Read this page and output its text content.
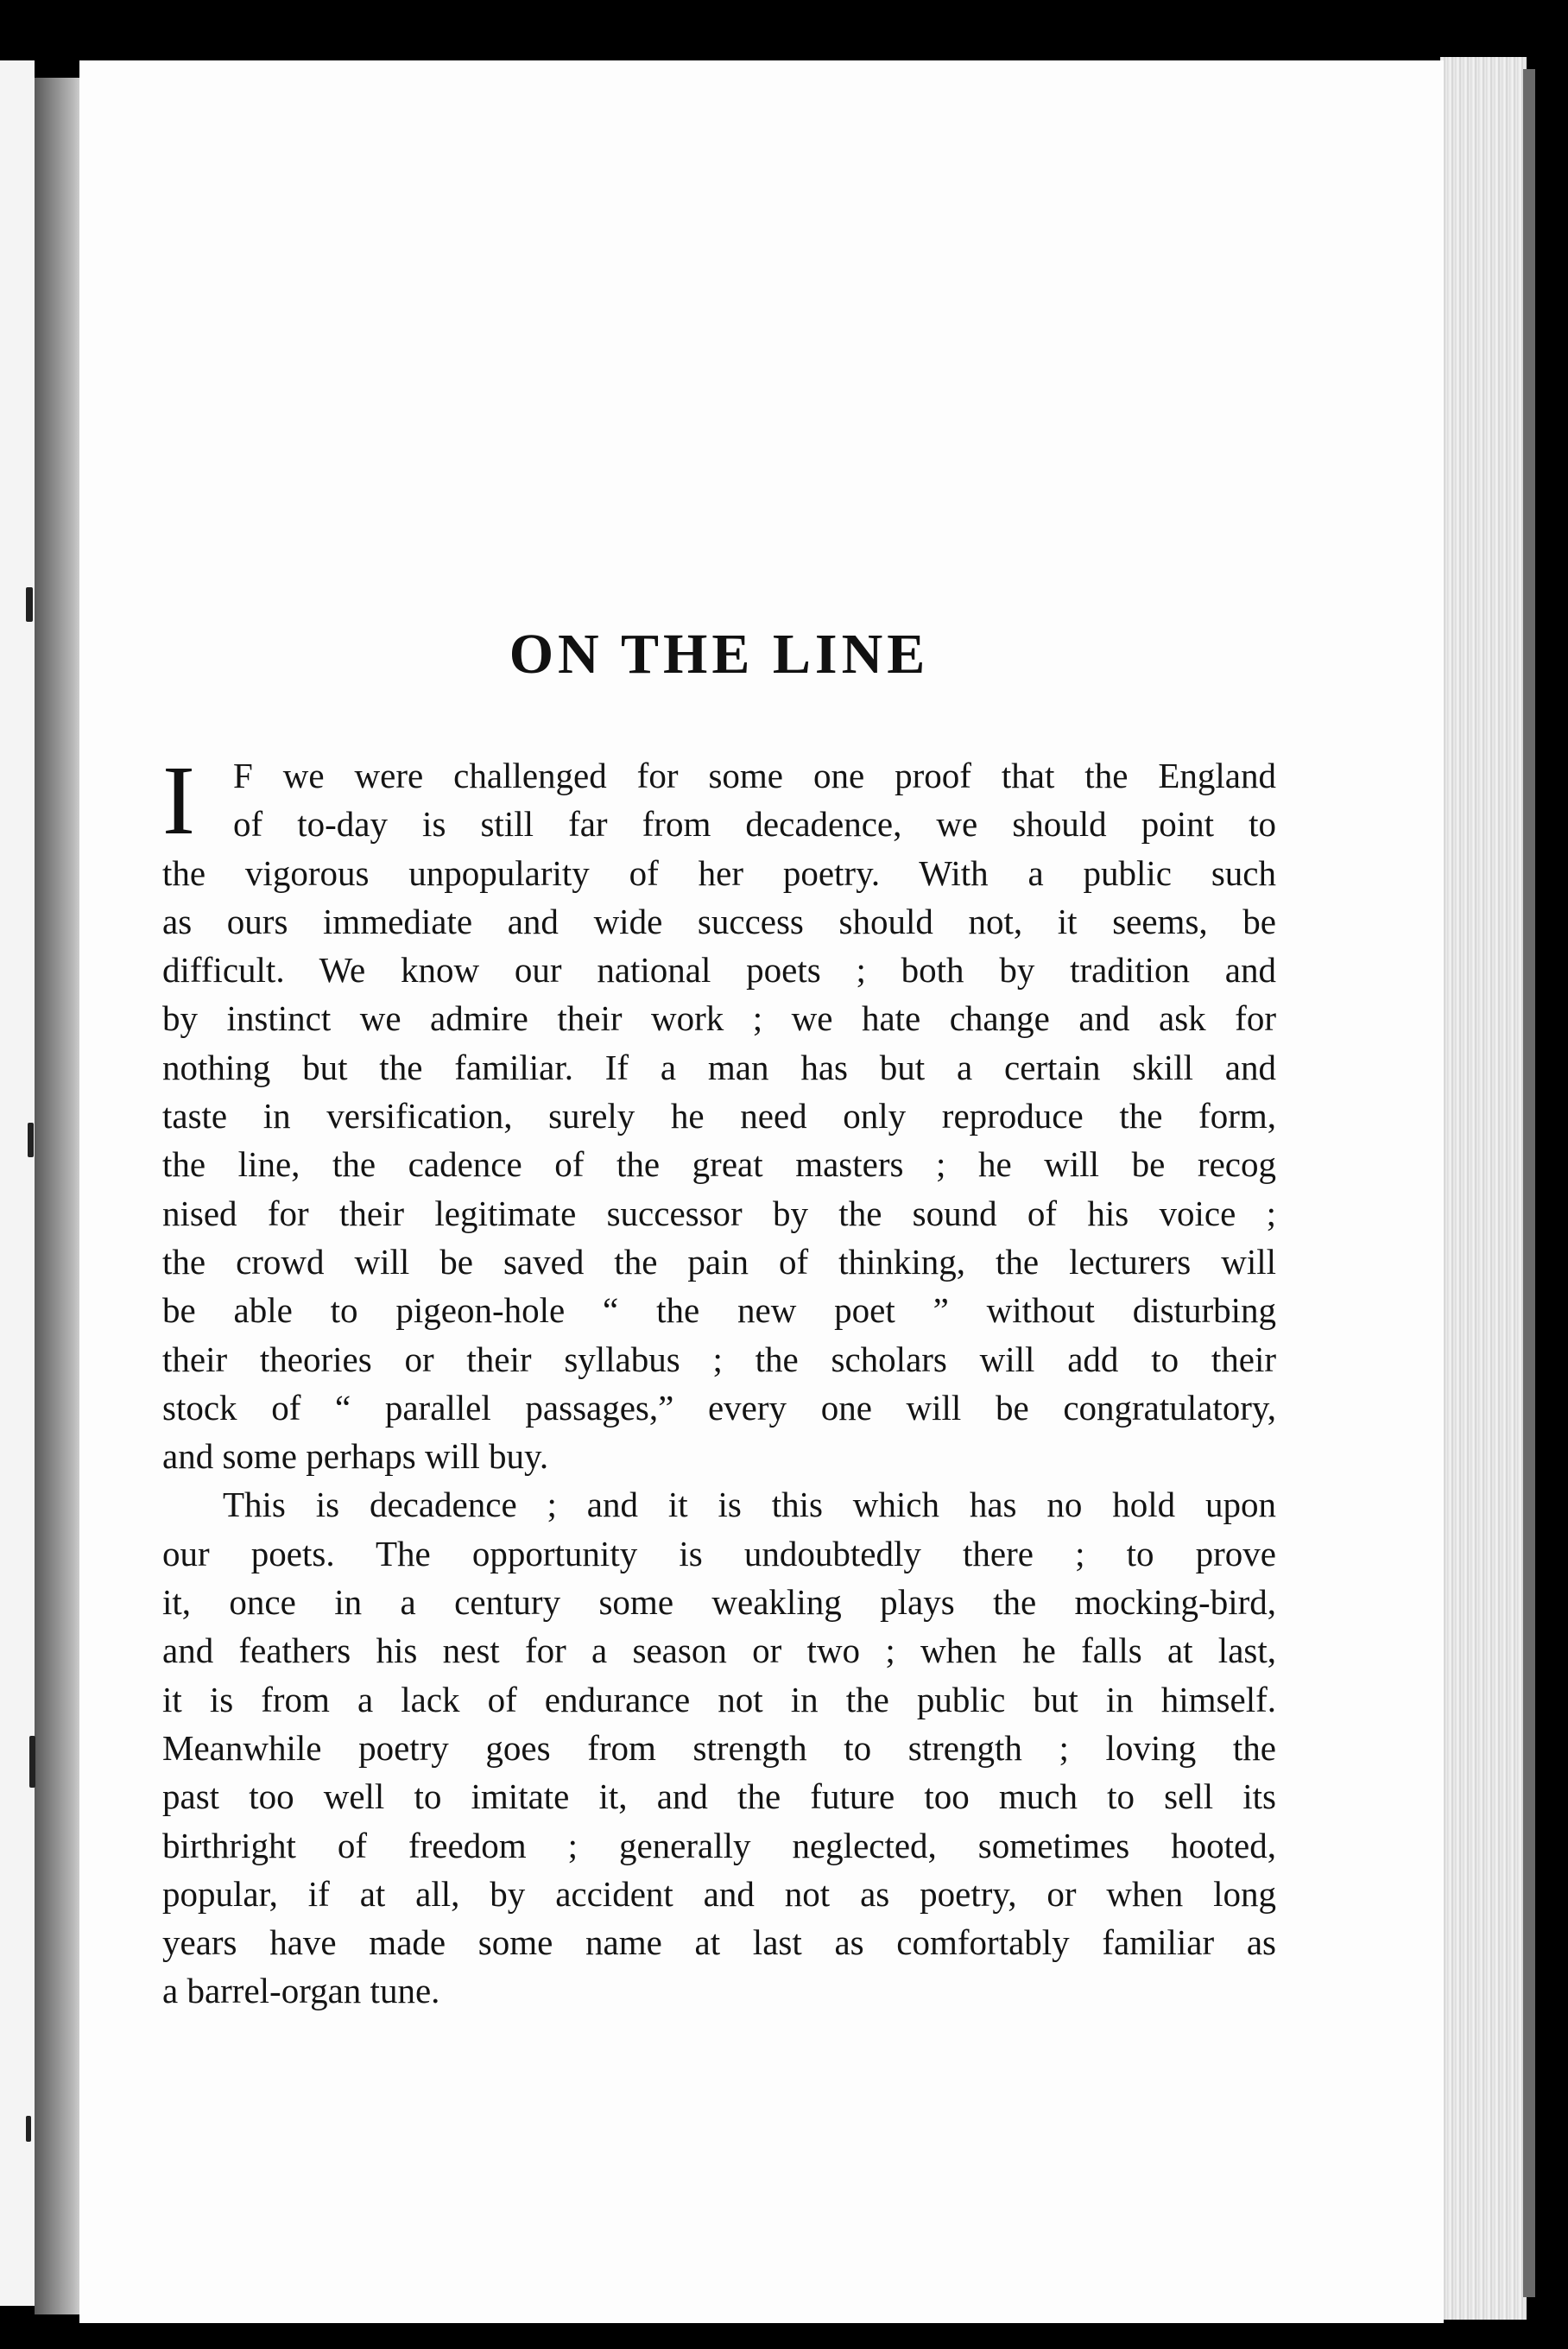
ON THE LINE
I	F we were challenged for some one proof that the England
of to-day is still far from decadence, we should point to
the vigorous unpopularity of her poetry. With a public such
as ours immediate and wide success should not, it seems, be
difficult. We know our national poets ; both by tradition and
by instinct we admire their work ; we hate change and ask for
nothing but the familiar. If a man has but a certain skill and
taste in versification, surely he need only reproduce the form,
the line, the cadence of the great masters ; he will be recog
nised for their legitimate successor by the sound of his voice ;
the crowd will be saved the pain of thinking, the lecturers will
be able to pigeon-hole “ the new poet ” without disturbing
their theories or their syllabus ; the scholars will add to their
stock of “ parallel passages,” every one will be congratulatory,
and some perhaps will buy.
This is decadence ; and it is this which has no hold upon
our poets. The opportunity is undoubtedly there ; to prove
it, once in a century some weakling plays the mocking-bird,
and feathers his nest for a season or two ; when he falls at last,
it is from a lack of endurance not in the public but in himself.
Meanwhile poetry goes from strength to strength ; loving the
past too well to imitate it, and the future too much to sell its
birthright of freedom ; generally neglected, sometimes hooted,
popular, if at all, by accident and not as poetry, or when long
years have made some name at last as comfortably familiar as
a barrel-organ tune.
